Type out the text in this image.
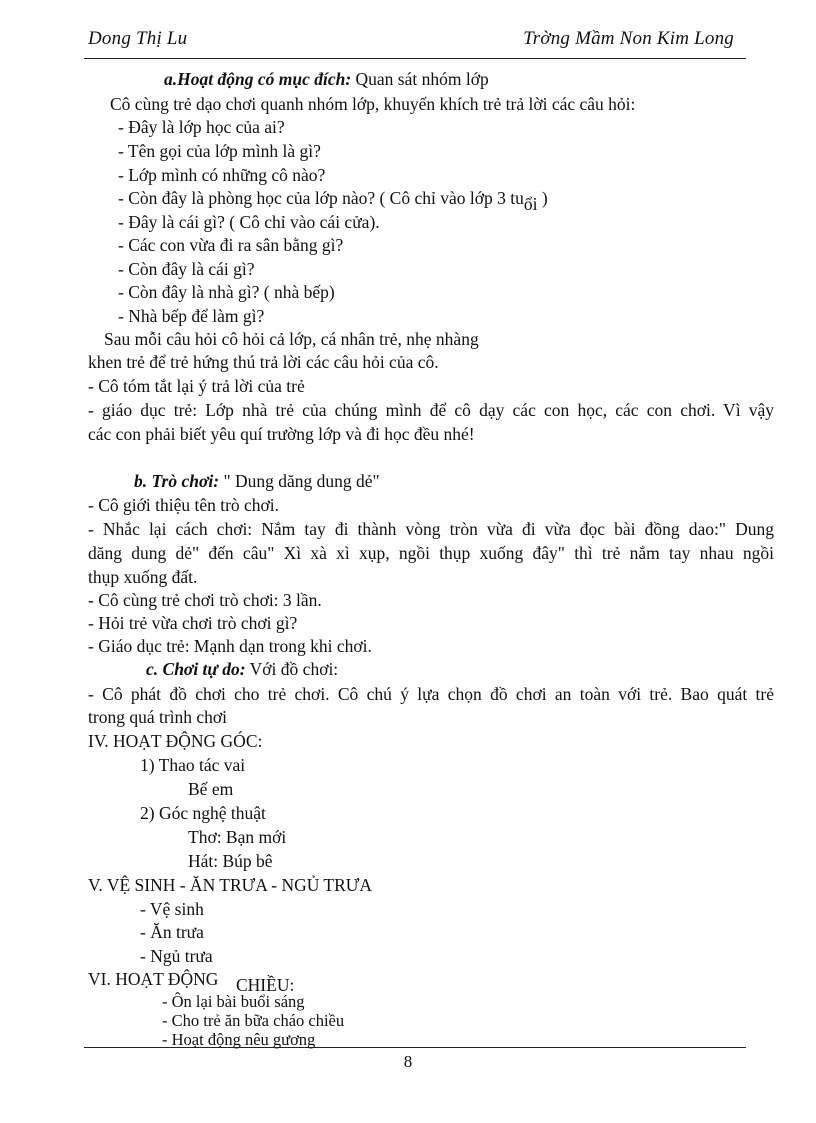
Dong Thị Lu	Trờng Mầm Non Kim Long
a.Hoạt động có mục đích: Quan sát nhóm lớp
Cô cùng trẻ dạo chơi quanh nhóm lớp, khuyến khích trẻ trả lời các câu hỏi:
- Đây là lớp học của ai?
- Tên gọi của lớp mình là gì?
- Lớp mình có những cô nào?
- Còn đây là phòng học của lớp nào? ( Cô chỉ vào lớp 3 tuổi )
- Đây là cái gì? ( Cô chỉ vào cái cửa).
- Các con vừa đi ra sân bằng gì?
- Còn đây là cái gì?
- Còn đây là nhà gì? ( nhà bếp)
- Nhà bếp để làm gì?
Sau mỗi câu hỏi cô hỏi cả lớp, cá nhân trẻ, nhẹ nhàng
khen trẻ để trẻ hứng thú trả lời các câu hỏi của cô.
- Cô tóm tắt lại ý trả lời của trẻ
- giáo dục trẻ: Lớp nhà trẻ của chúng mình để cô dạy các con học, các con chơi. Vì vậy
các con phải biết yêu quí trường lớp và đi học đều nhé!
b. Trò chơi: " Dung dăng dung dẻ"
- Cô giới thiệu tên trò chơi.
- Nhắc lại cách chơi: Nắm tay đi thành vòng tròn vừa đi vừa đọc bài đồng dao:" Dung
dăng dung dẻ" đến câu" Xì xà xì xụp, ngồi thụp xuống đây" thì trẻ nắm tay nhau ngồi
thụp xuống đất.
- Cô cùng trẻ chơi trò chơi: 3 lần.
- Hỏi trẻ vừa chơi trò chơi gì?
- Giáo dục trẻ: Mạnh dạn trong khi chơi.
c. Chơi tự do: Với đồ chơi:
- Cô phát đồ chơi cho trẻ chơi. Cô chú ý lựa chọn đồ chơi an toàn với trẻ. Bao quát trẻ
trong quá trình chơi
IV. HOẠT ĐỘNG GÓC:
1) Thao tác vai
Bế em
2) Góc nghệ thuật
Thơ: Bạn mới
Hát: Búp bê
V. VỆ SINH - ĂN TRƯA - NGỦ TRƯA
- Vệ sinh
- Ăn trưa
- Ngủ trưa
VI. HOẠT ĐỘNG CHIỀU:
- Ôn lại bài buổi sáng
- Cho trẻ ăn bữa cháo chiều
- Hoạt động nêu gương
8
